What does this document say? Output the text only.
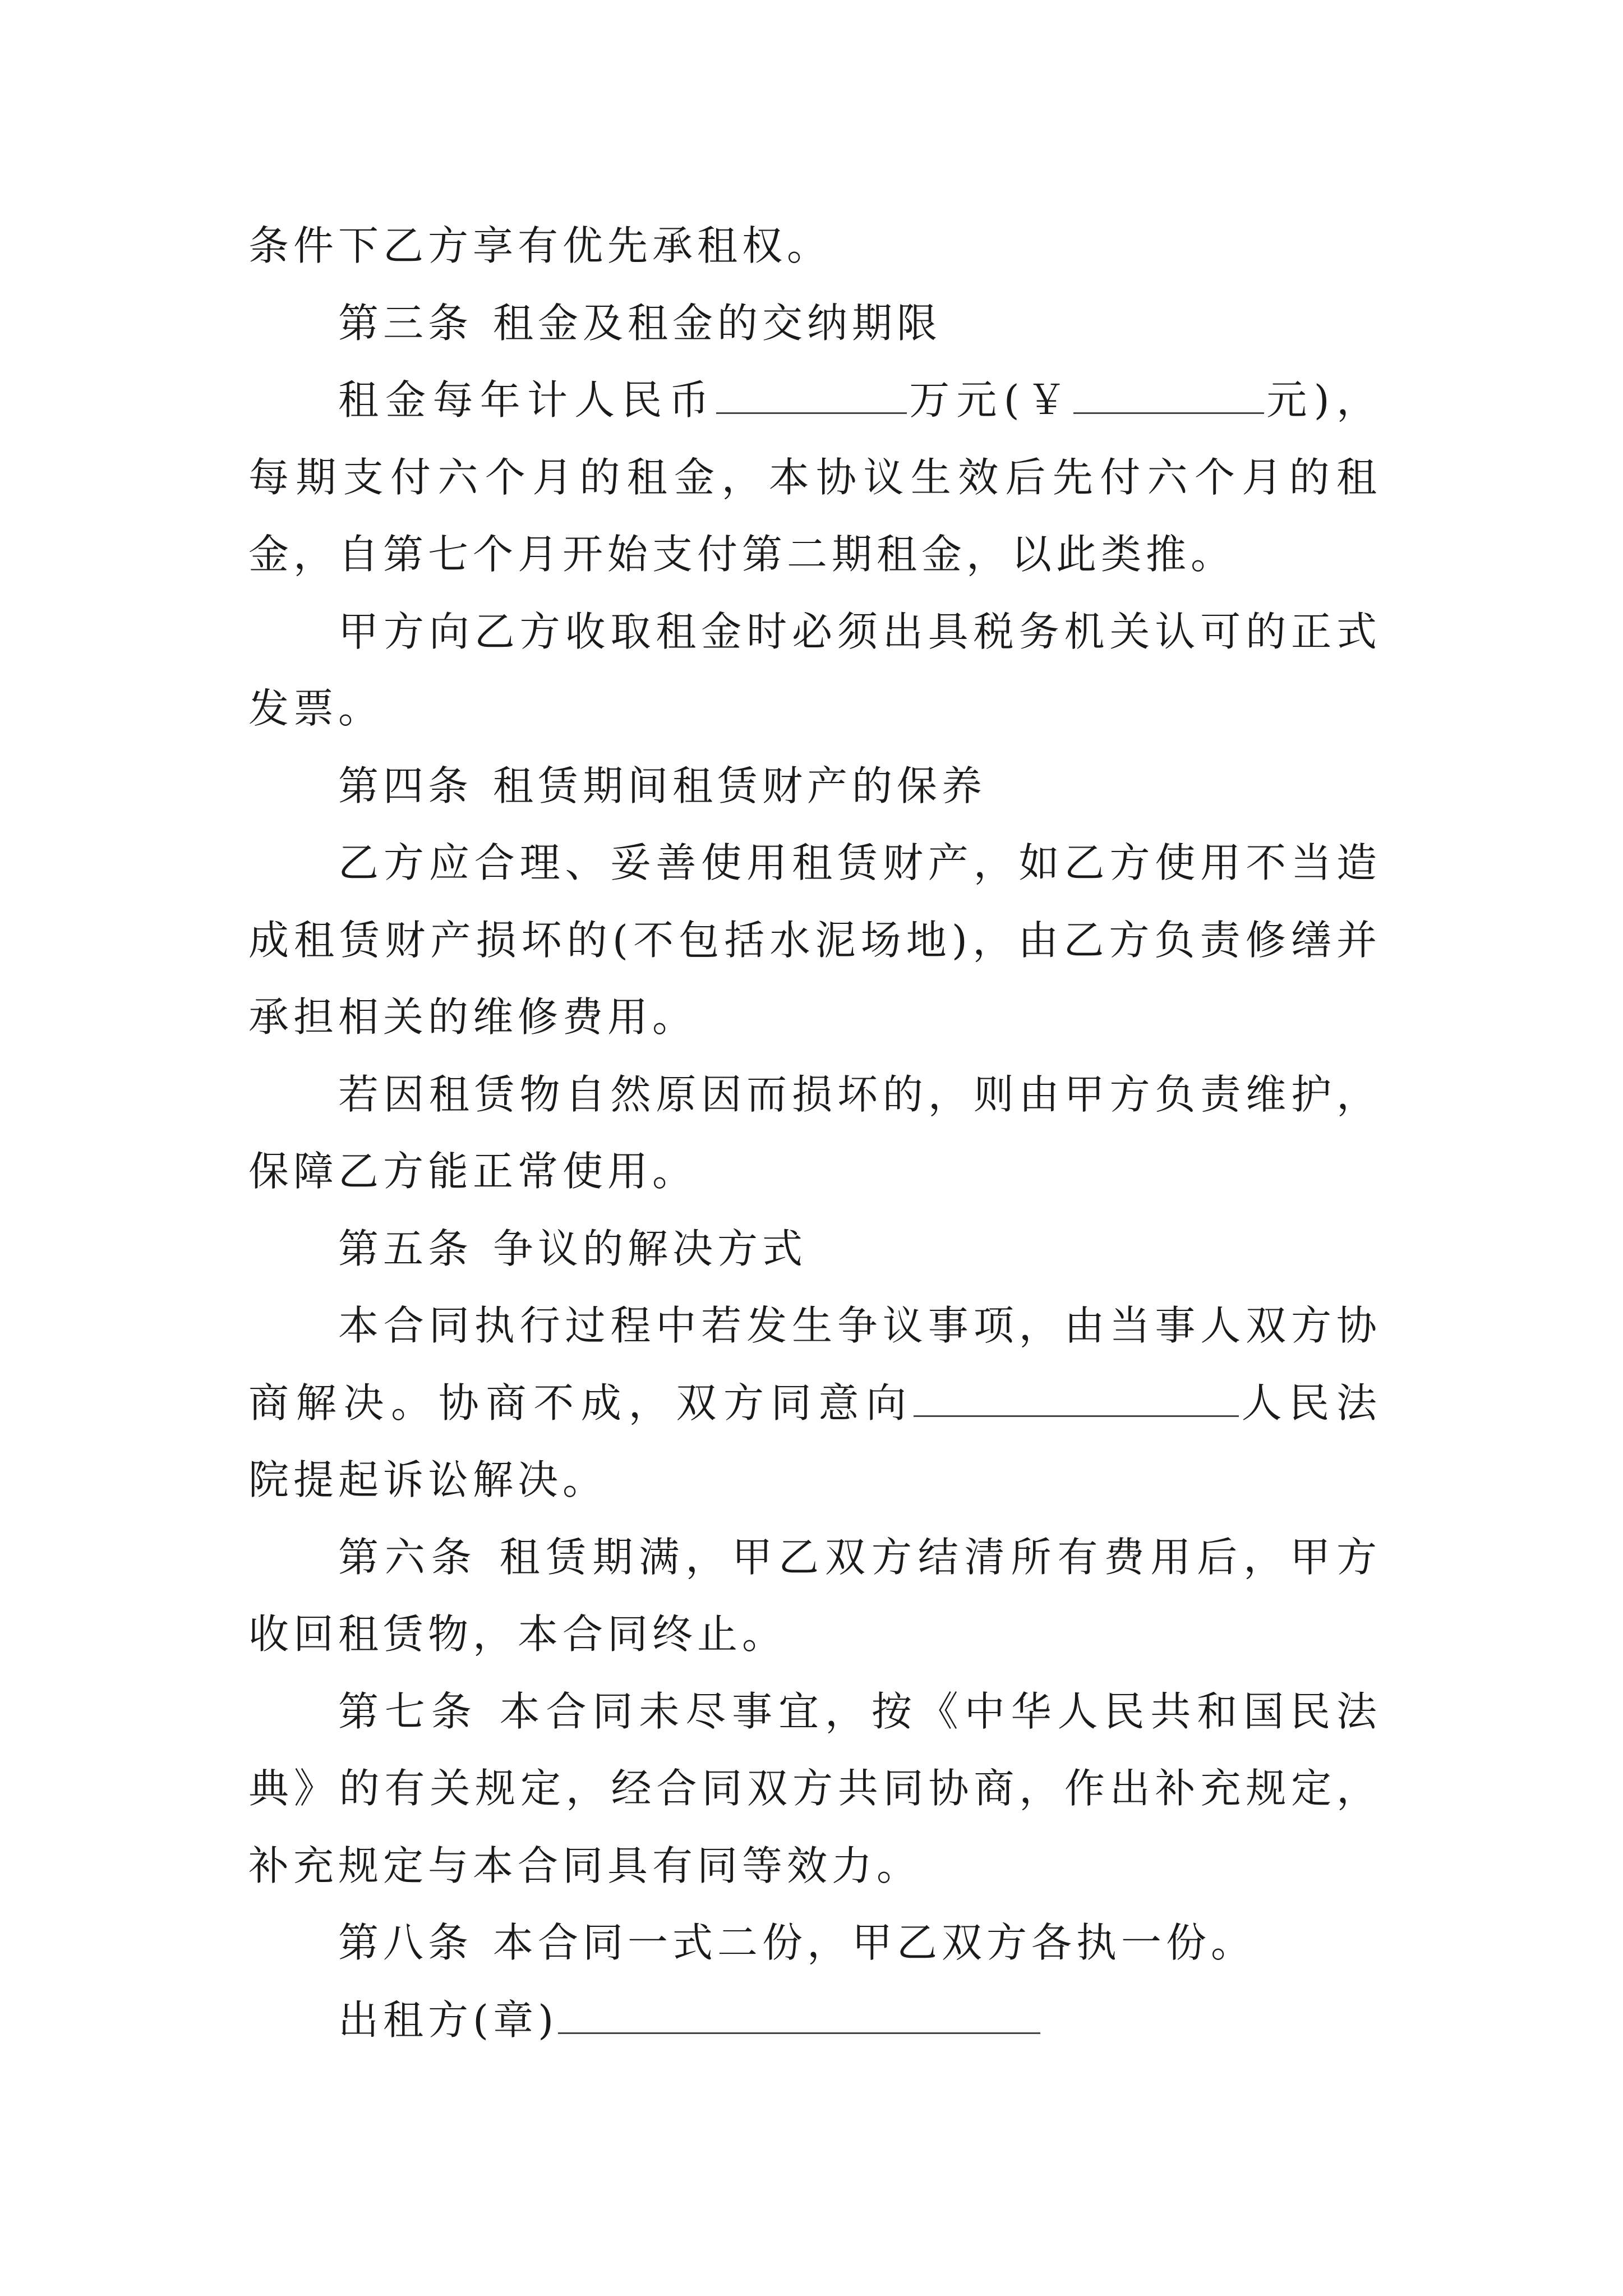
条件下乙方享有优先承租权。

第三条 租金及租金的交纳期限

租金每年计人民币	万元(￥	元)，每期支付六个月的租金，本协议生效后先付六个月的租金，自第七个月开始支付第二期租金，以此类推。

甲方向乙方收取租金时必须出具税务机关认可的正式发票。

第四条 租赁期间租赁财产的保养

乙方应合理、妥善使用租赁财产，如乙方使用不当造成租赁财产损坏的(不包括水泥场地)，由乙方负责修缮并承担相关的维修费用。

若因租赁物自然原因而损坏的，则由甲方负责维护，保障乙方能正常使用。

第五条 争议的解决方式

本合同执行过程中若发生争议事项，由当事人双方协商解决。协商不成，双方同意向	人民法院提起诉讼解决。

第六条 租赁期满，甲乙双方结清所有费用后，甲方收回租赁物，本合同终止。

第七条 本合同未尽事宜，按《中华人民共和国民法典》的有关规定，经合同双方共同协商，作出补充规定，补充规定与本合同具有同等效力。

第八条 本合同一式二份，甲乙双方各执一份。

出租方(章)
